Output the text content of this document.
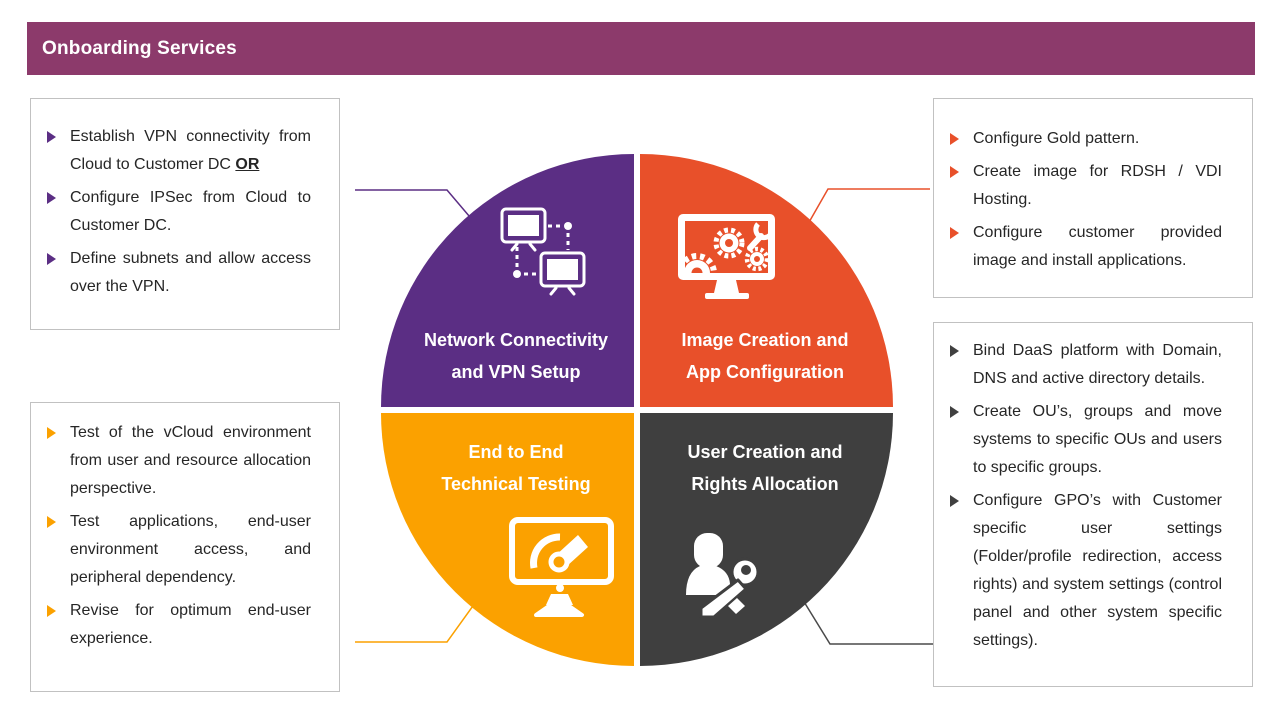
Onboarding Services
Network Connectivity
and VPN Setup
Image Creation and
App Configuration
End to End
Technical Testing
User Creation and
Rights Allocation
Establish VPN connectivity from Cloud to Customer DC OR
Configure IPSec from Cloud to Customer DC.
Define subnets and allow access over the VPN.
Configure Gold pattern.
Create image for RDSH / VDI Hosting.
Configure customer provided image and install applications.
Test of the vCloud environment from user and resource allocation perspective.
Test applications, end-user environment access, and peripheral dependency.
Revise for optimum end-user experience.
Bind DaaS platform with Domain, DNS and active directory details.
Create OU’s, groups and move systems to specific OUs and users to specific groups.
Configure GPO’s with Customer specific user settings (Folder/profile redirection, access rights) and system settings (control panel and other system specific settings).
